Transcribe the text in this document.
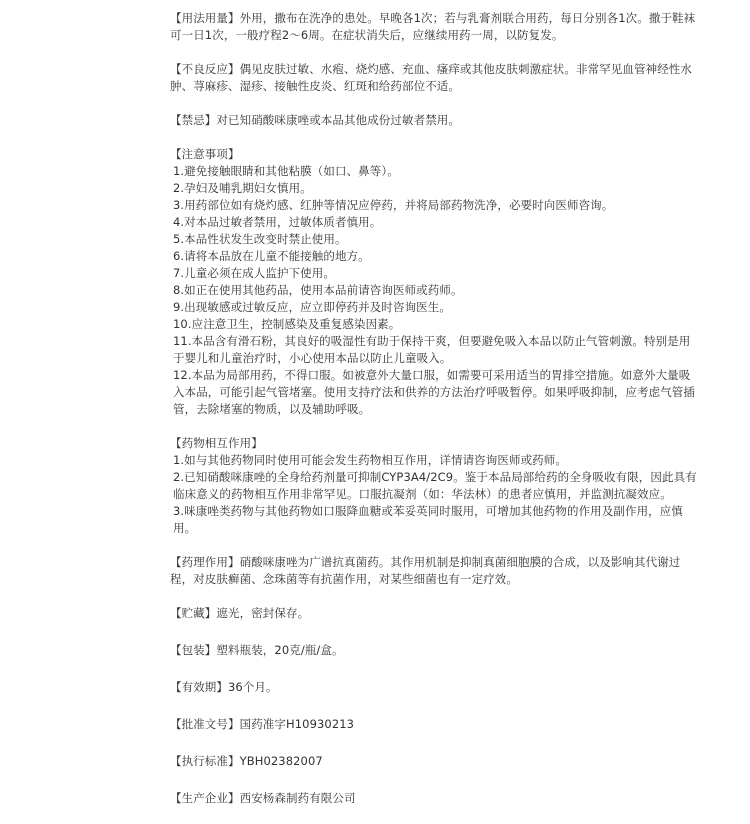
【用法用量】外用，撒布在洗净的患处。早晚各1次；若与乳膏剂联合用药，每日分别各1次。撒于鞋袜可一日1次，一般疗程2～6周。在症状消失后，应继续用药一周，以防复发。

【不良反应】偶见皮肤过敏、水疱、烧灼感、充血、瘙痒或其他皮肤刺激症状。非常罕见血管神经性水肿、荨麻疹、湿疹、接触性皮炎、红斑和给药部位不适。

【禁忌】对已知硝酸咪康唑或本品其他成份过敏者禁用。

【注意事项】

1.避免接触眼睛和其他粘膜（如口、鼻等）。

2.孕妇及哺乳期妇女慎用。

3.用药部位如有烧灼感、红肿等情况应停药，并将局部药物洗净，必要时向医师咨询。

4.对本品过敏者禁用，过敏体质者慎用。

5.本品性状发生改变时禁止使用。

6.请将本品放在儿童不能接触的地方。

7.儿童必须在成人监护下使用。

8.如正在使用其他药品，使用本品前请咨询医师或药师。

9.出现敏感或过敏反应，应立即停药并及时咨询医生。

10.应注意卫生，控制感染及重复感染因素。

11.本品含有滑石粉，其良好的吸湿性有助于保持干爽，但要避免吸入本品以防止气管刺激。特别是用于婴儿和儿童治疗时，小心使用本品以防止儿童吸入。

12.本品为局部用药，不得口服。如被意外大量口服，如需要可采用适当的胃排空措施。如意外大量吸入本品，可能引起气管堵塞。使用支持疗法和供养的方法治疗呼吸暂停。如果呼吸抑制，应考虑气管插管，去除堵塞的物质，以及辅助呼吸。

【药物相互作用】

1.如与其他药物同时使用可能会发生药物相互作用，详情请咨询医师或药师。

2.已知硝酸咪康唑的全身给药剂量可抑制CYP3A4/2C9。鉴于本品局部给药的全身吸收有限，因此具有临床意义的药物相互作用非常罕见。口服抗凝剂（如：华法林）的患者应慎用，并监测抗凝效应。

3.咪康唑类药物与其他药物如口服降血糖或苯妥英同时服用，可增加其他药物的作用及副作用，应慎用。

【药理作用】硝酸咪康唑为广谱抗真菌药。其作用机制是抑制真菌细胞膜的合成，以及影响其代谢过程，对皮肤癣菌、念珠菌等有抗菌作用，对某些细菌也有一定疗效。

【贮藏】遮光，密封保存。

【包装】塑料瓶装，20克/瓶/盒。

【有效期】36个月。

【批准文号】国药准字H10930213

【执行标准】YBH02382007

【生产企业】西安杨森制药有限公司
